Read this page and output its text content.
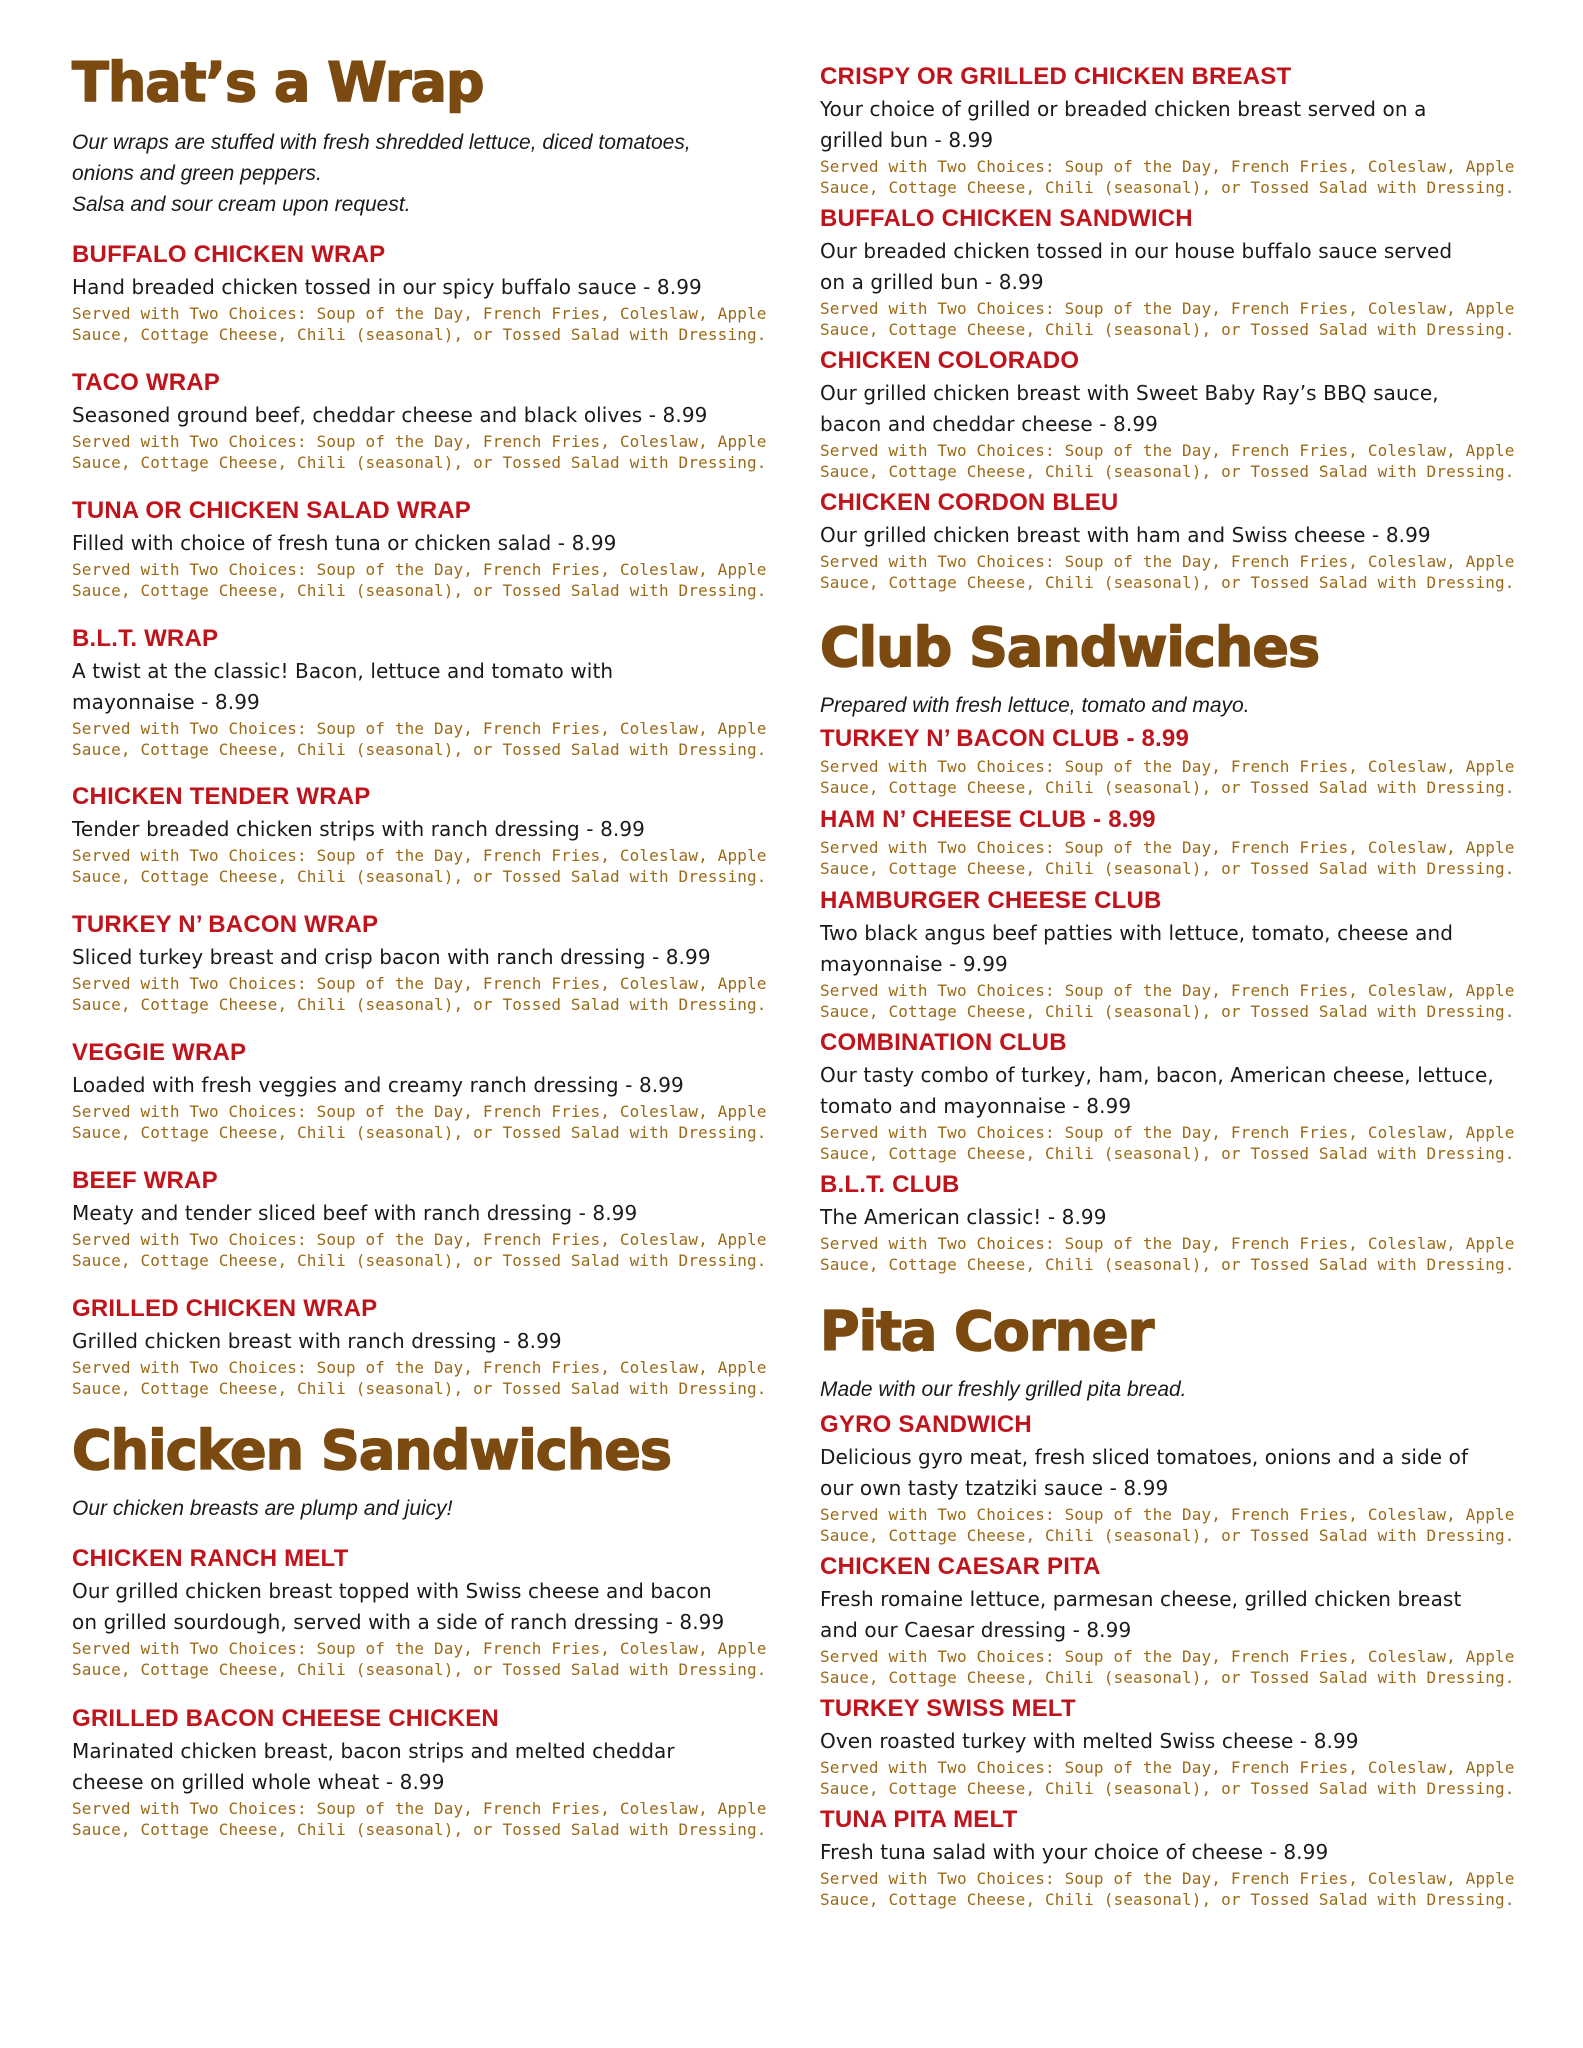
That’s a Wrap
Our wraps are stuffed with fresh shredded lettuce, diced tomatoes,
onions and green peppers.
Salsa and sour cream upon request.
BUFFALO CHICKEN WRAP
Hand breaded chicken tossed in our spicy buffalo sauce - 8.99
Served with Two Choices: Soup of the Day, French Fries, Coleslaw, Apple
Sauce, Cottage Cheese, Chili (seasonal), or Tossed Salad with Dressing.
TACO WRAP
Seasoned ground beef, cheddar cheese and black olives - 8.99
Served with Two Choices: Soup of the Day, French Fries, Coleslaw, Apple
Sauce, Cottage Cheese, Chili (seasonal), or Tossed Salad with Dressing.
TUNA OR CHICKEN SALAD WRAP
Filled with choice of fresh tuna or chicken salad - 8.99
Served with Two Choices: Soup of the Day, French Fries, Coleslaw, Apple
Sauce, Cottage Cheese, Chili (seasonal), or Tossed Salad with Dressing.
B.L.T. WRAP
A twist at the classic! Bacon, lettuce and tomato with
mayonnaise - 8.99
Served with Two Choices: Soup of the Day, French Fries, Coleslaw, Apple
Sauce, Cottage Cheese, Chili (seasonal), or Tossed Salad with Dressing.
CHICKEN TENDER WRAP
Tender breaded chicken strips with ranch dressing - 8.99
Served with Two Choices: Soup of the Day, French Fries, Coleslaw, Apple
Sauce, Cottage Cheese, Chili (seasonal), or Tossed Salad with Dressing.
TURKEY N’ BACON WRAP
Sliced turkey breast and crisp bacon with ranch dressing - 8.99
Served with Two Choices: Soup of the Day, French Fries, Coleslaw, Apple
Sauce, Cottage Cheese, Chili (seasonal), or Tossed Salad with Dressing.
VEGGIE WRAP
Loaded with fresh veggies and creamy ranch dressing - 8.99
Served with Two Choices: Soup of the Day, French Fries, Coleslaw, Apple
Sauce, Cottage Cheese, Chili (seasonal), or Tossed Salad with Dressing.
BEEF WRAP
Meaty and tender sliced beef with ranch dressing - 8.99
Served with Two Choices: Soup of the Day, French Fries, Coleslaw, Apple
Sauce, Cottage Cheese, Chili (seasonal), or Tossed Salad with Dressing.
GRILLED CHICKEN WRAP
Grilled chicken breast with ranch dressing - 8.99
Served with Two Choices: Soup of the Day, French Fries, Coleslaw, Apple
Sauce, Cottage Cheese, Chili (seasonal), or Tossed Salad with Dressing.
Chicken Sandwiches
Our chicken breasts are plump and juicy!
CHICKEN RANCH MELT
Our grilled chicken breast topped with Swiss cheese and bacon
on grilled sourdough, served with a side of ranch dressing - 8.99
Served with Two Choices: Soup of the Day, French Fries, Coleslaw, Apple
Sauce, Cottage Cheese, Chili (seasonal), or Tossed Salad with Dressing.
GRILLED BACON CHEESE CHICKEN
Marinated chicken breast, bacon strips and melted cheddar
cheese on grilled whole wheat - 8.99
Served with Two Choices: Soup of the Day, French Fries, Coleslaw, Apple
Sauce, Cottage Cheese, Chili (seasonal), or Tossed Salad with Dressing.
CRISPY OR GRILLED CHICKEN BREAST
Your choice of grilled or breaded chicken breast served on a
grilled bun - 8.99
Served with Two Choices: Soup of the Day, French Fries, Coleslaw, Apple
Sauce, Cottage Cheese, Chili (seasonal), or Tossed Salad with Dressing.
BUFFALO CHICKEN SANDWICH
Our breaded chicken tossed in our house buffalo sauce served
on a grilled bun - 8.99
Served with Two Choices: Soup of the Day, French Fries, Coleslaw, Apple
Sauce, Cottage Cheese, Chili (seasonal), or Tossed Salad with Dressing.
CHICKEN COLORADO
Our grilled chicken breast with Sweet Baby Ray’s BBQ sauce,
bacon and cheddar cheese - 8.99
Served with Two Choices: Soup of the Day, French Fries, Coleslaw, Apple
Sauce, Cottage Cheese, Chili (seasonal), or Tossed Salad with Dressing.
CHICKEN CORDON BLEU
Our grilled chicken breast with ham and Swiss cheese - 8.99
Served with Two Choices: Soup of the Day, French Fries, Coleslaw, Apple
Sauce, Cottage Cheese, Chili (seasonal), or Tossed Salad with Dressing.
Club Sandwiches
Prepared with fresh lettuce, tomato and mayo.
TURKEY N’ BACON CLUB - 8.99
Served with Two Choices: Soup of the Day, French Fries, Coleslaw, Apple
Sauce, Cottage Cheese, Chili (seasonal), or Tossed Salad with Dressing.
HAM N’ CHEESE CLUB - 8.99
Served with Two Choices: Soup of the Day, French Fries, Coleslaw, Apple
Sauce, Cottage Cheese, Chili (seasonal), or Tossed Salad with Dressing.
HAMBURGER CHEESE CLUB
Two black angus beef patties with lettuce, tomato, cheese and
mayonnaise - 9.99
Served with Two Choices: Soup of the Day, French Fries, Coleslaw, Apple
Sauce, Cottage Cheese, Chili (seasonal), or Tossed Salad with Dressing.
COMBINATION CLUB
Our tasty combo of turkey, ham, bacon, American cheese, lettuce,
tomato and mayonnaise - 8.99
Served with Two Choices: Soup of the Day, French Fries, Coleslaw, Apple
Sauce, Cottage Cheese, Chili (seasonal), or Tossed Salad with Dressing.
B.L.T. CLUB
The American classic! - 8.99
Served with Two Choices: Soup of the Day, French Fries, Coleslaw, Apple
Sauce, Cottage Cheese, Chili (seasonal), or Tossed Salad with Dressing.
Pita Corner
Made with our freshly grilled pita bread.
GYRO SANDWICH
Delicious gyro meat, fresh sliced tomatoes, onions and a side of
our own tasty tzatziki sauce - 8.99
Served with Two Choices: Soup of the Day, French Fries, Coleslaw, Apple
Sauce, Cottage Cheese, Chili (seasonal), or Tossed Salad with Dressing.
CHICKEN CAESAR PITA
Fresh romaine lettuce, parmesan cheese, grilled chicken breast
and our Caesar dressing - 8.99
Served with Two Choices: Soup of the Day, French Fries, Coleslaw, Apple
Sauce, Cottage Cheese, Chili (seasonal), or Tossed Salad with Dressing.
TURKEY SWISS MELT
Oven roasted turkey with melted Swiss cheese - 8.99
Served with Two Choices: Soup of the Day, French Fries, Coleslaw, Apple
Sauce, Cottage Cheese, Chili (seasonal), or Tossed Salad with Dressing.
TUNA PITA MELT
Fresh tuna salad with your choice of cheese - 8.99
Served with Two Choices: Soup of the Day, French Fries, Coleslaw, Apple
Sauce, Cottage Cheese, Chili (seasonal), or Tossed Salad with Dressing.
